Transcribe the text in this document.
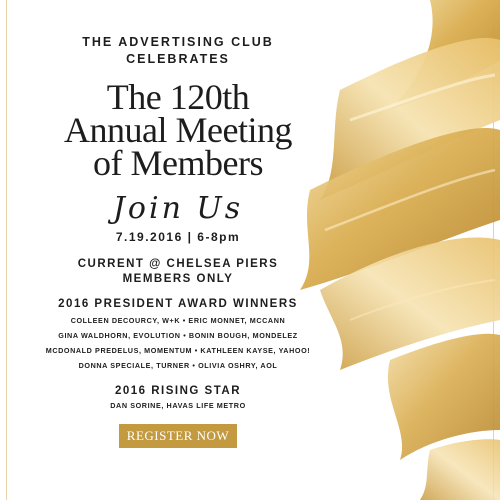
THE ADVERTISING CLUB
CELEBRATES
The 120th
Annual Meeting
of Members
Join Us
7.19.2016 | 6-8pm
CURRENT @ CHELSEA PIERS
MEMBERS ONLY
2016 PRESIDENT AWARD WINNERS
COLLEEN DECOURCY, W+K • ERIC MONNET, MCCANN
GINA WALDHORN, EVOLUTION • BONIN BOUGH, MONDELEZ
MCDONALD PREDELUS, MOMENTUM • KATHLEEN KAYSE, YAHOO!
DONNA SPECIALE, TURNER • OLIVIA OSHRY, AOL
2016 RISING STAR
DAN SORINE, HAVAS LIFE METRO
REGISTER NOW
